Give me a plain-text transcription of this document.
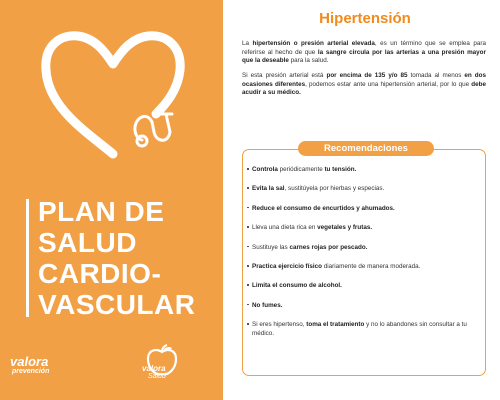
PLAN DE
SALUD
CARDIO-
VASCULAR
valora
prevención	valora
Salud
Hipertensión

La hipertensión o presión arterial elevada, es un término que se emplea para referirse al hecho de que la sangre circula por las arterias a una presión mayor que la deseable para la salud.

Si esta presión arterial está por encima de 135 y/o 85 tomada al menos en dos ocasiones diferentes, podemos estar ante una hipertensión arterial, por lo que debe acudir a su médico.

Recomendaciones
Controla periódicamente tu tensión.
Evita la sal, sustitúyela por hierbas y especias.
Reduce el consumo de encurtidos y ahumados.
Lleva una dieta rica en vegetales y frutas.
Sustituye las carnes rojas por pescado.
Practica ejercicio físico diariamente de manera moderada.
Limita el consumo de alcohol.
No fumes.
Si eres hipertenso, toma el tratamiento y no lo abandones sin consultar a tu médico.
